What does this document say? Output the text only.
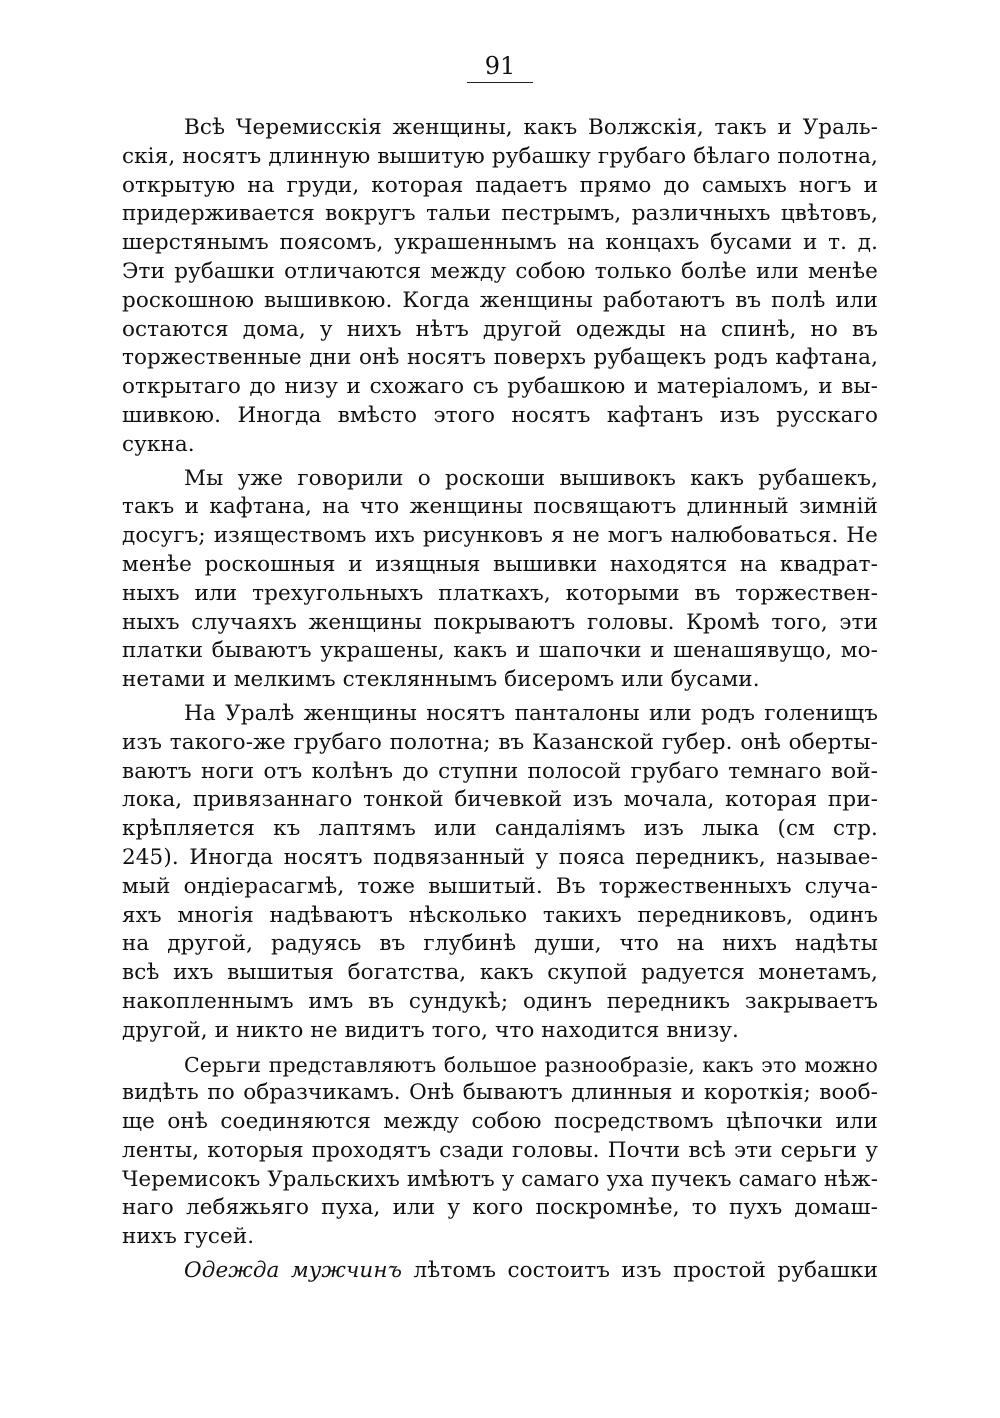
91
Всѣ Черемисскія женщины, какъ Волжскія, такъ и Ураль-
скія, носятъ длинную вышитую рубашку грубаго бѣлаго полотна,
открытую на груди, которая падаетъ прямо до самыхъ ногъ и
придерживается вокругъ тальи пестрымъ, различныхъ цвѣтовъ,
шерстянымъ поясомъ, украшеннымъ на концахъ бусами и т. д.
Эти рубашки отличаются между собою только болѣе или менѣе
роскошною вышивкою. Когда женщины работаютъ въ полѣ или
остаются дома, у нихъ нѣтъ другой одежды на спинѣ, но въ
торжественные дни онѣ носятъ поверхъ рубащекъ родъ кафтана,
открытаго до низу и схожаго съ рубашкою и матеріаломъ, и вы-
шивкою. Иногда вмѣсто этого носятъ кафтанъ изъ русскаго
сукна.
Мы уже говорили о роскоши вышивокъ какъ рубашекъ,
такъ и кафтана, на что женщины посвящаютъ длинный зимній
досугъ; изяществомъ ихъ рисунковъ я не могъ налюбоваться. Не
менѣе роскошныя и изящныя вышивки находятся на квадрат-
ныхъ или трехугольныхъ платкахъ, которыми въ торжествен-
ныхъ случаяхъ женщины покрываютъ головы. Кромѣ того, эти
платки бываютъ украшены, какъ и шапочки и шенашявущо, мо-
нетами и мелкимъ стекляннымъ бисеромъ или бусами.
На Уралѣ женщины носятъ панталоны или родъ голенищъ
изъ такого-же грубаго полотна; въ Казанской губер. онѣ оберты-
ваютъ ноги отъ колѣнъ до ступни полосой грубаго темнаго вой-
лока, привязаннаго тонкой бичевкой изъ мочала, которая при-
крѣпляется къ лаптямъ или сандаліямъ изъ лыка (см стр.
245). Иногда носятъ подвязанный у пояса передникъ, называе-
мый ондіерасагмѣ, тоже вышитый. Въ торжественныхъ случа-
яхъ многія надѣваютъ нѣсколько такихъ передниковъ, одинъ
на другой, радуясь въ глубинѣ души, что на нихъ надѣты
всѣ ихъ вышитыя богатства, какъ скупой радуется монетамъ,
накопленнымъ имъ въ сундукѣ; одинъ передникъ закрываетъ
другой, и никто не видитъ того, что находится внизу.
Серьги представляютъ большое разнообразіе, какъ это можно
видѣть по образчикамъ. Онѣ бываютъ длинныя и короткія; вооб-
ще онѣ соединяются между собою посредствомъ цѣпочки или
ленты, которыя проходятъ сзади головы. Почти всѣ эти серьги у
Черемисокъ Уральскихъ имѣютъ у самаго уха пучекъ самаго нѣж-
наго лебяжьяго пуха, или у кого поскромнѣе, то пухъ домаш-
нихъ гусей.
Одежда мужчинъ лѣтомъ состоитъ изъ простой рубашки
